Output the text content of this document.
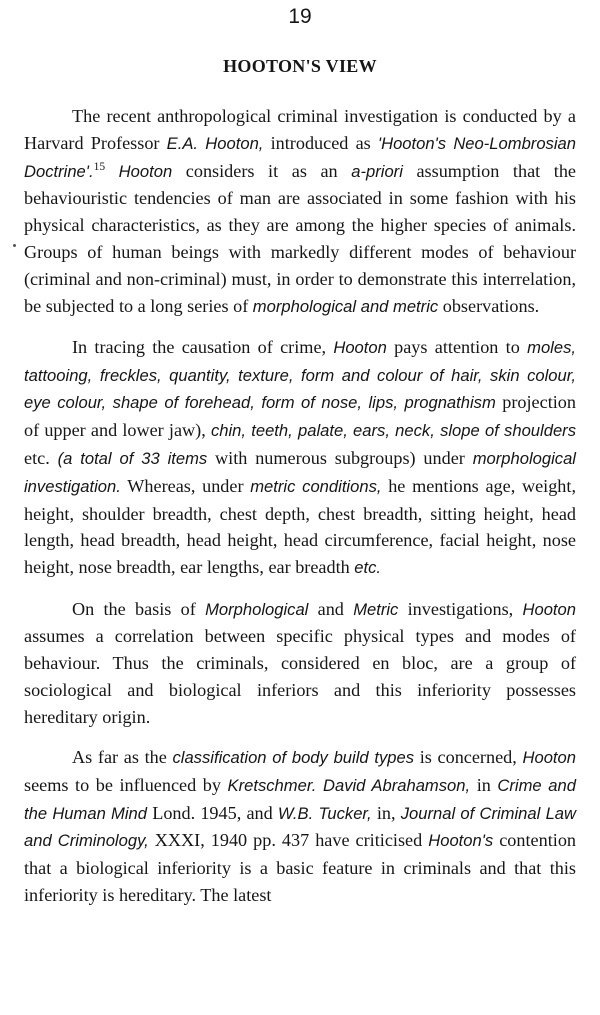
19
HOOTON'S VIEW

The recent anthropological criminal investigation is conducted by a Harvard Professor E.A. Hooton, introduced as 'Hooton's Neo-Lombrosian Doctrine'.$^{15}$ Hooton considers it as an a-priori assumption that the behaviouristic tendencies of man are associated in some fashion with his physical characteristics, as they are among the higher species of animals. Groups of human beings with markedly different modes of behaviour (criminal and non-criminal) must, in order to demonstrate this interrelation, be subjected to a long series of morphological and metric observations.

In tracing the causation of crime, Hooton pays attention to moles, tattooing, freckles, quantity, texture, form and colour of hair, skin colour, eye colour, shape of forehead, form of nose, lips, prognathism projection of upper and lower jaw), chin, teeth, palate, ears, neck, slope of shoulders etc. (a total of 33 items with numerous subgroups) under morphological investigation. Whereas, under metric conditions, he mentions age, weight, height, shoulder breadth, chest depth, chest breadth, sitting height, head length, head breadth, head height, head circumference, facial height, nose height, nose breadth, ear lengths, ear breadth etc.

On the basis of Morphological and Metric investigations, Hooton assumes a correlation between specific physical types and modes of behaviour. Thus the criminals, considered en bloc, are a group of sociological and biological inferiors and this inferiority possesses hereditary origin.

As far as the classification of body build types is concerned, Hooton seems to be influenced by Kretschmer. David Abrahamson, in Crime and the Human Mind Lond. 1945, and W.B. Tucker, in, Journal of Criminal Law and Criminology, XXXI, 1940 pp. 437 have criticised Hooton's contention that a biological inferiority is a basic feature in criminals and that this inferiority is hereditary. The latest
